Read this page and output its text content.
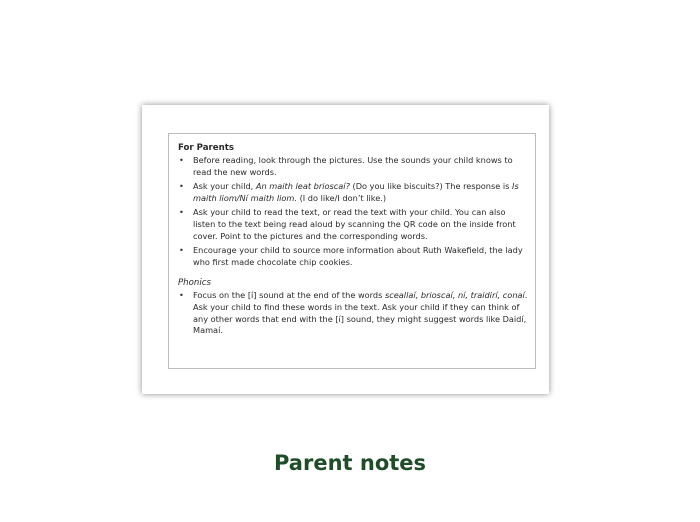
For Parents

• Before reading, look through the pictures. Use the sounds your child knows to read the new words.
• Ask your child, An maith leat brioscaí? (Do you like biscuits?) The response is Is maith liom/Ní maith liom. (I do like/I don’t like.)
• Ask your child to read the text, or read the text with your child. You can also listen to the text being read aloud by scanning the QR code on the inside front cover. Point to the pictures and the corresponding words.
• Encourage your child to source more information about Ruth Wakefield, the lady who first made chocolate chip cookies.

Phonics

• Focus on the [í] sound at the end of the words sceallaí, brioscaí, ní, traidirí, conaí. Ask your child to find these words in the text. Ask your child if they can think of any other words that end with the [í] sound, they might suggest words like Daidí, Mamaí.
Parent notes
